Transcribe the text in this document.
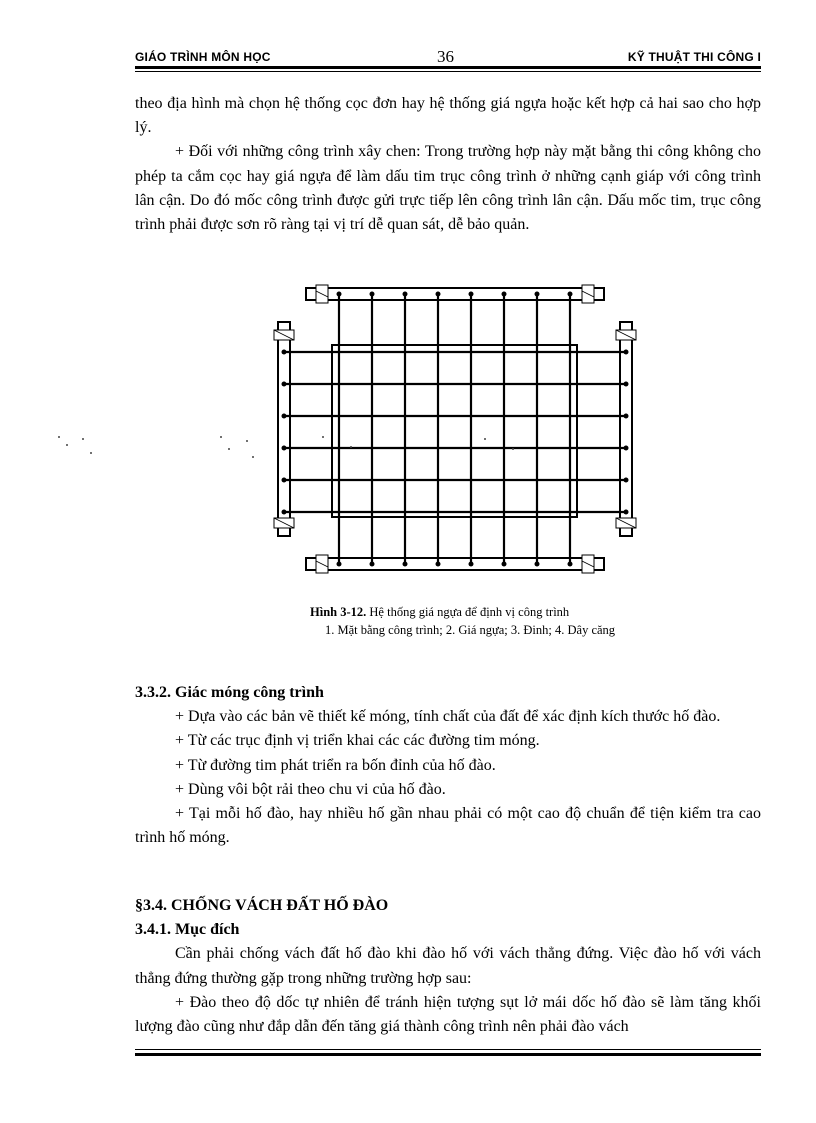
GIÁO TRÌNH MÔN HỌC	36	KỸ THUẬT THI CÔNG I

theo địa hình mà chọn hệ thống cọc đơn hay hệ thống giá ngựa hoặc kết hợp cả hai sao cho hợp lý.

+ Đối với những công trình xây chen: Trong trường hợp này mặt bằng thi công không cho phép ta cắm cọc hay giá ngựa để làm dấu tim trục công trình ở những cạnh giáp với công trình lân cận. Do đó mốc công trình được gửi trực tiếp lên công trình lân cận. Dấu mốc tim, trục công trình phải được sơn rõ ràng tại vị trí dễ quan sát, dễ bảo quản.

Hình 3-12. Hệ thống giá ngựa để định vị công trình
1. Mặt bằng công trình; 2. Giá ngựa; 3. Đinh; 4. Dây căng
3.3.2. Giác móng công trình

+ Dựa vào các bản vẽ thiết kế móng, tính chất của đất để xác định kích thước hố đào.

+ Từ các trục định vị triển khai các các đường tim móng.

+ Từ đường tim phát triển ra bốn đỉnh của hố đào.

+ Dùng vôi bột rải theo chu vi của hố đào.

+ Tại mỗi hố đào, hay nhiều hố gần nhau phải có một cao độ chuẩn để tiện kiểm tra cao trình hố móng.

§3.4. CHỐNG VÁCH ĐẤT HỐ ĐÀO
3.4.1. Mục đích

Cần phải chống vách đất hố đào khi đào hố với vách thẳng đứng. Việc đào hố với vách thẳng đứng thường gặp trong những trường hợp sau:

+ Đào theo độ dốc tự nhiên để tránh hiện tượng sụt lở mái dốc hố đào sẽ làm tăng khối lượng đào cũng như đắp dẫn đến tăng giá thành công trình nên phải đào vách
